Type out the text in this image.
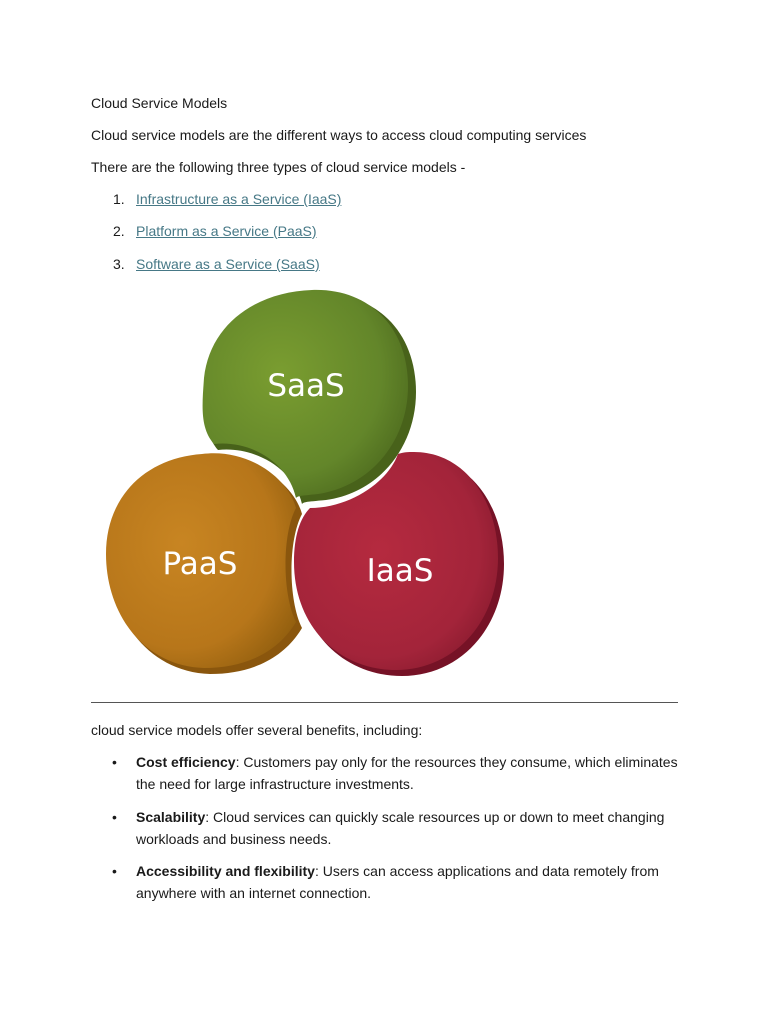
Cloud Service Models

Cloud service models are the different ways to access cloud computing services

There are the following three types of cloud service models -

1. Infrastructure as a Service (IaaS)
2. Platform as a Service (PaaS)
3. Software as a Service (SaaS)
SaaS
PaaS	IaaS

cloud service models offer several benefits, including:

• Cost efficiency: Customers pay only for the resources they consume, which eliminates the need for large infrastructure investments.
• Scalability: Cloud services can quickly scale resources up or down to meet changing workloads and business needs.
• Accessibility and flexibility: Users can access applications and data remotely from anywhere with an internet connection.
